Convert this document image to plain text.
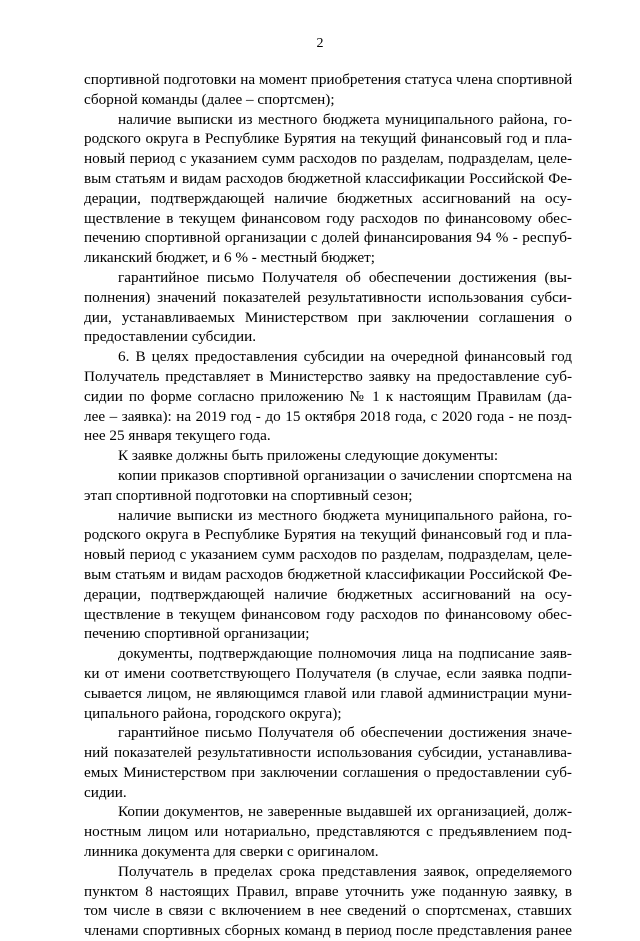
2
спортивной подготовки на момент приобретения статуса члена спортивной
сборной команды (далее – спортсмен);
наличие выписки из местного бюджета муниципального района, го-
родского округа в Республике Бурятия на текущий финансовый год и пла-
новый период с указанием сумм расходов по разделам, подразделам, целе-
вым статьям и видам расходов бюджетной классификации Российской Фе-
дерации, подтверждающей наличие бюджетных ассигнований на осу-
ществление в текущем финансовом году расходов по финансовому обес-
печению спортивной организации с долей финансирования 94 % - респуб-
ликанский бюджет, и 6 % - местный бюджет;
гарантийное письмо Получателя об обеспечении достижения (вы-
полнения) значений показателей результативности использования субси-
дии, устанавливаемых Министерством при заключении соглашения о
предоставлении субсидии.
6. В целях предоставления субсидии на очередной финансовый год
Получатель представляет в Министерство заявку на предоставление суб-
сидии по форме согласно приложению № 1 к настоящим Правилам (да-
лее – заявка): на 2019 год - до 15 октября 2018 года, с 2020 года - не позд-
нее 25 января текущего года.
К заявке должны быть приложены следующие документы:
копии приказов спортивной организации о зачислении спортсмена на
этап спортивной подготовки на спортивный сезон;
наличие выписки из местного бюджета муниципального района, го-
родского округа в Республике Бурятия на текущий финансовый год и пла-
новый период с указанием сумм расходов по разделам, подразделам, целе-
вым статьям и видам расходов бюджетной классификации Российской Фе-
дерации, подтверждающей наличие бюджетных ассигнований на осу-
ществление в текущем финансовом году расходов по финансовому обес-
печению спортивной организации;
документы, подтверждающие полномочия лица на подписание заяв-
ки от имени соответствующего Получателя (в случае, если заявка подпи-
сывается лицом, не являющимся главой или главой администрации муни-
ципального района, городского округа);
гарантийное письмо Получателя об обеспечении достижения значе-
ний показателей результативности использования субсидии, устанавлива-
емых Министерством при заключении соглашения о предоставлении суб-
сидии.
Копии документов, не заверенные выдавшей их организацией, долж-
ностным лицом или нотариально, представляются с предъявлением под-
линника документа для сверки с оригиналом.
Получатель в пределах срока представления заявок, определяемого
пунктом 8 настоящих Правил, вправе уточнить уже поданную заявку, в
том числе в связи с включением в нее сведений о спортсменах, ставших
членами спортивных сборных команд в период после представления ранее
